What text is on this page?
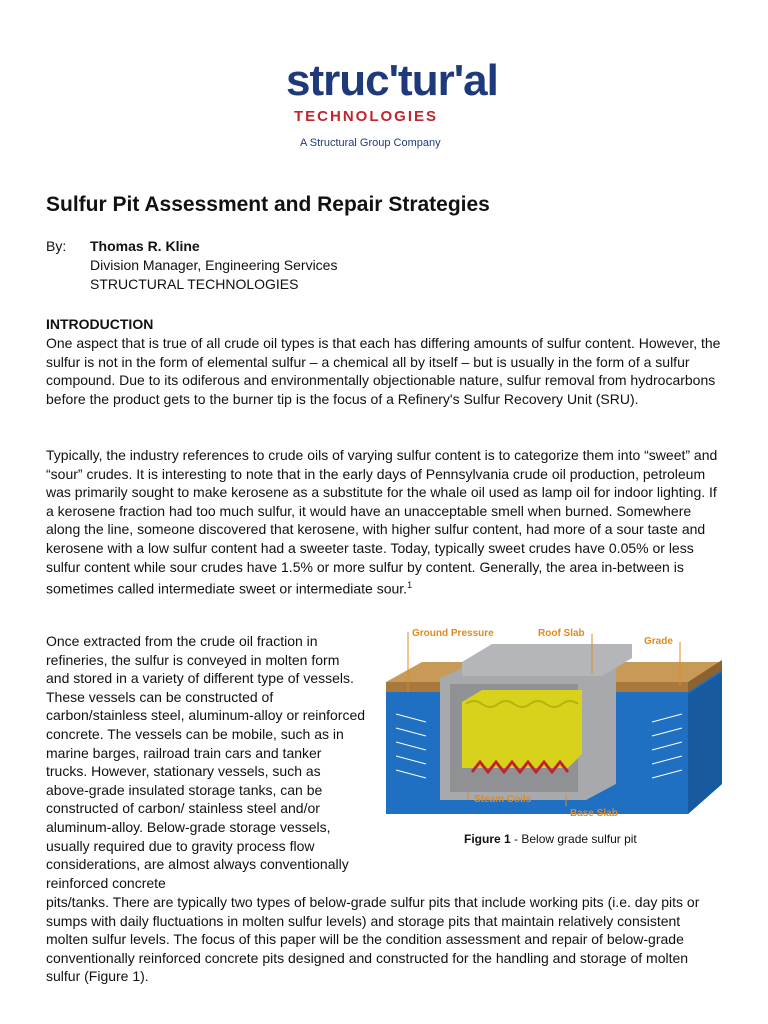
struc'tur'al
TECHNOLOGIES
A Structural Group Company
Sulfur Pit Assessment and Repair Strategies
By: Thomas R. Kline
Division Manager, Engineering Services
STRUCTURAL TECHNOLOGIES
INTRODUCTION
One aspect that is true of all crude oil types is that each has differing amounts of sulfur content. However, the sulfur is not in the form of elemental sulfur – a chemical all by itself – but is usually in the form of a sulfur compound. Due to its odiferous and environmentally objectionable nature, sulfur removal from hydrocarbons before the product gets to the burner tip is the focus of a Refinery's Sulfur Recovery Unit (SRU).
Typically, the industry references to crude oils of varying sulfur content is to categorize them into “sweet” and “sour” crudes. It is interesting to note that in the early days of Pennsylvania crude oil production, petroleum was primarily sought to make kerosene as a substitute for the whale oil used as lamp oil for indoor lighting. If a kerosene fraction had too much sulfur, it would have an unacceptable smell when burned. Somewhere along the line, someone discovered that kerosene, with higher sulfur content, had more of a sour taste and kerosene with a low sulfur content had a sweeter taste. Today, typically sweet crudes have 0.05% or less sulfur content while sour crudes have 1.5% or more sulfur by content. Generally, the area in-between is sometimes called intermediate sweet or intermediate sour.$^1$
Once extracted from the crude oil fraction in refineries, the sulfur is conveyed in molten form and stored in a variety of different type of vessels. These vessels can be constructed of carbon/stainless steel, aluminum-alloy or reinforced concrete. The vessels can be mobile, such as in marine barges, railroad train cars and tanker trucks. However, stationary vessels, such as above-grade insulated storage tanks, can be constructed of carbon/ stainless steel and/or aluminum-alloy. Below-grade storage vessels, usually required due to gravity process flow considerations, are almost always conventionally reinforced concrete
pits/tanks. There are typically two types of below-grade sulfur pits that include working pits (i.e. day pits or sumps with daily fluctuations in molten sulfur levels) and storage pits that maintain relatively consistent molten sulfur levels. The focus of this paper will be the condition assessment and repair of below-grade conventionally reinforced concrete pits designed and constructed for the handling and storage of molten sulfur (Figure 1).
Ground Pressure	Roof Slab
Grade
Steam Coils
Base Slab
Figure 1 - Below grade sulfur pit
